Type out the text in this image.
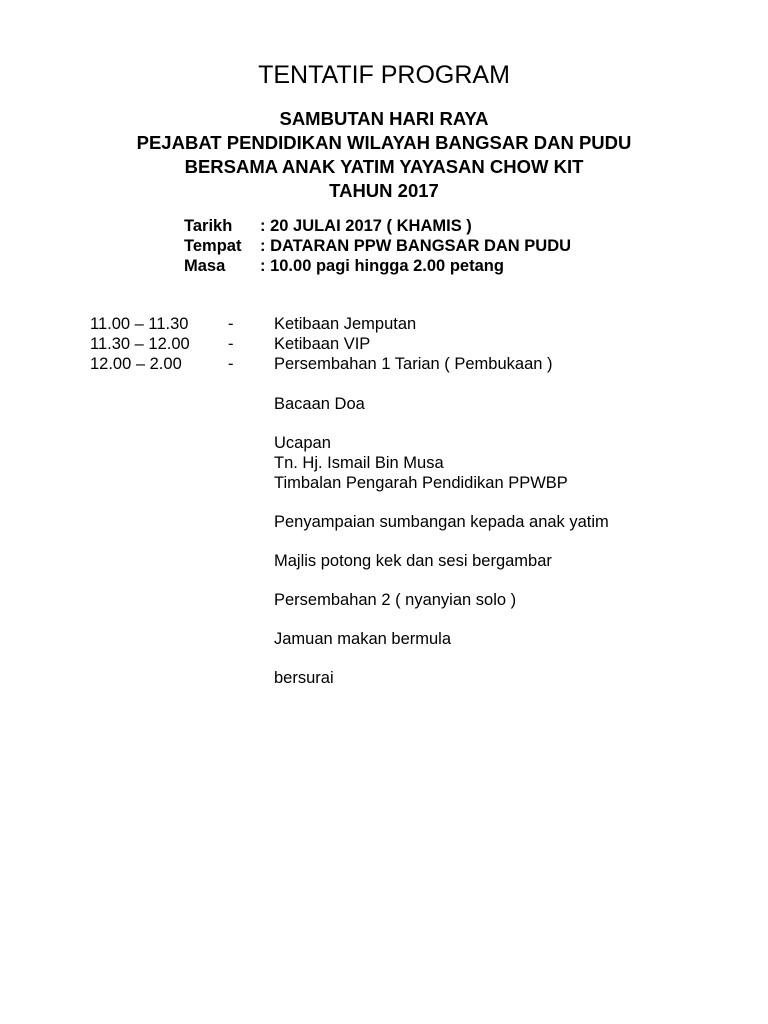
TENTATIF PROGRAM
SAMBUTAN HARI RAYA
PEJABAT PENDIDIKAN WILAYAH BANGSAR DAN PUDU
BERSAMA ANAK YATIM YAYASAN CHOW KIT
TAHUN 2017
Tarikh	: 20 JULAI 2017 ( KHAMIS )
Tempat	: DATARAN PPW BANGSAR DAN PUDU
Masa	: 10.00 pagi hingga 2.00 petang
11.00 – 11.30	-	Ketibaan Jemputan
11.30 – 12.00	-	Ketibaan VIP
12.00 – 2.00	-	Persembahan 1 Tarian ( Pembukaan )
Bacaan Doa
Ucapan
Tn. Hj. Ismail Bin Musa
Timbalan Pengarah Pendidikan PPWBP
Penyampaian sumbangan kepada anak yatim
Majlis potong kek dan sesi bergambar
Persembahan 2 ( nyanyian solo )
Jamuan makan bermula
bersurai
